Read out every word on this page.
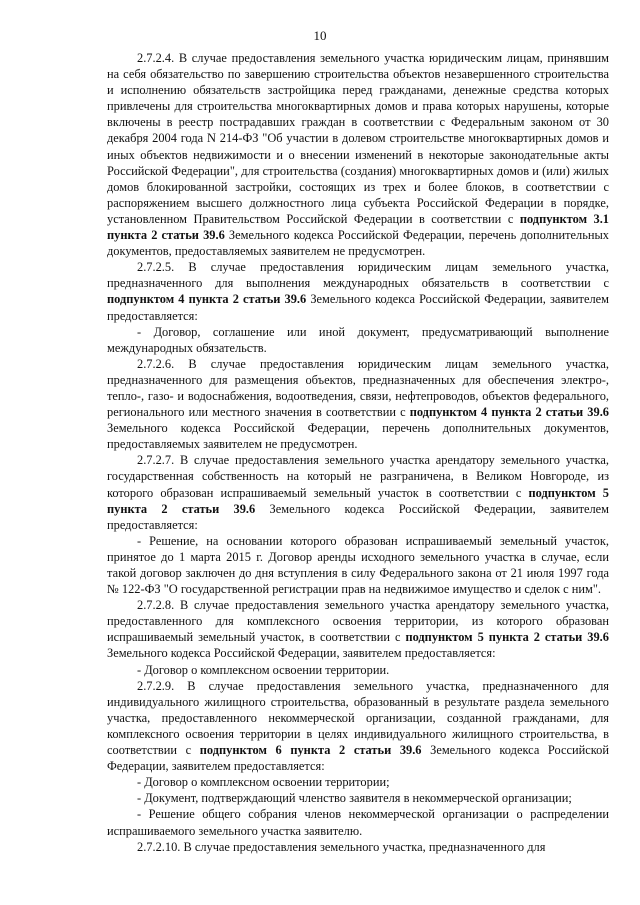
10

2.7.2.4. В случае предоставления земельного участка юридическим лицам, принявшим на себя обязательство по завершению строительства объектов незавершенного строительства и исполнению обязательств застройщика перед гражданами, денежные средства которых привлечены для строительства многоквартирных домов и права которых нарушены, которые включены в реестр пострадавших граждан в соответствии с Федеральным законом от 30 декабря 2004 года N 214-ФЗ "Об участии в долевом строительстве многоквартирных домов и иных объектов недвижимости и о внесении изменений в некоторые законодательные акты Российской Федерации", для строительства (создания) многоквартирных домов и (или) жилых домов блокированной застройки, состоящих из трех и более блоков, в соответствии с распоряжением высшего должностного лица субъекта Российской Федерации в порядке, установленном Правительством Российской Федерации в соответствии с подпунктом 3.1 пункта 2 статьи 39.6 Земельного кодекса Российской Федерации, перечень дополнительных документов, предоставляемых заявителем не предусмотрен.

2.7.2.5. В случае предоставления юридическим лицам земельного участка, предназначенного для выполнения международных обязательств в соответствии с подпунктом 4 пункта 2 статьи 39.6 Земельного кодекса Российской Федерации, заявителем предоставляется:

- Договор, соглашение или иной документ, предусматривающий выполнение международных обязательств.

2.7.2.6. В случае предоставления юридическим лицам земельного участка, предназначенного для размещения объектов, предназначенных для обеспечения электро-, тепло-, газо- и водоснабжения, водоотведения, связи, нефтепроводов, объектов федерального, регионального или местного значения в соответствии с подпунктом 4 пункта 2 статьи 39.6 Земельного кодекса Российской Федерации, перечень дополнительных документов, предоставляемых заявителем не предусмотрен.

2.7.2.7. В случае предоставления земельного участка арендатору земельного участка, государственная собственность на который не разграничена, в Великом Новгороде, из которого образован испрашиваемый земельный участок в соответствии с подпунктом 5 пункта 2 статьи 39.6 Земельного кодекса Российской Федерации, заявителем предоставляется:

- Решение, на основании которого образован испрашиваемый земельный участок, принятое до 1 марта 2015 г. Договор аренды исходного земельного участка в случае, если такой договор заключен до дня вступления в силу Федерального закона от 21 июля 1997 года № 122-ФЗ "О государственной регистрации прав на недвижимое имущество и сделок с ним".

2.7.2.8. В случае предоставления земельного участка арендатору земельного участка, предоставленного для комплексного освоения территории, из которого образован испрашиваемый земельный участок, в соответствии с подпунктом 5 пункта 2 статьи 39.6 Земельного кодекса Российской Федерации, заявителем предоставляется:

- Договор о комплексном освоении территории.

2.7.2.9. В случае предоставления земельного участка, предназначенного для индивидуального жилищного строительства, образованный в результате раздела земельного участка, предоставленного некоммерческой организации, созданной гражданами, для комплексного освоения территории в целях индивидуального жилищного строительства, в соответствии с подпунктом 6 пункта 2 статьи 39.6 Земельного кодекса Российской Федерации, заявителем предоставляется:

- Договор о комплексном освоении территории;

- Документ, подтверждающий членство заявителя в некоммерческой организации;

- Решение общего собрания членов некоммерческой организации о распределении испрашиваемого земельного участка заявителю.

2.7.2.10. В случае предоставления земельного участка, предназначенного для
